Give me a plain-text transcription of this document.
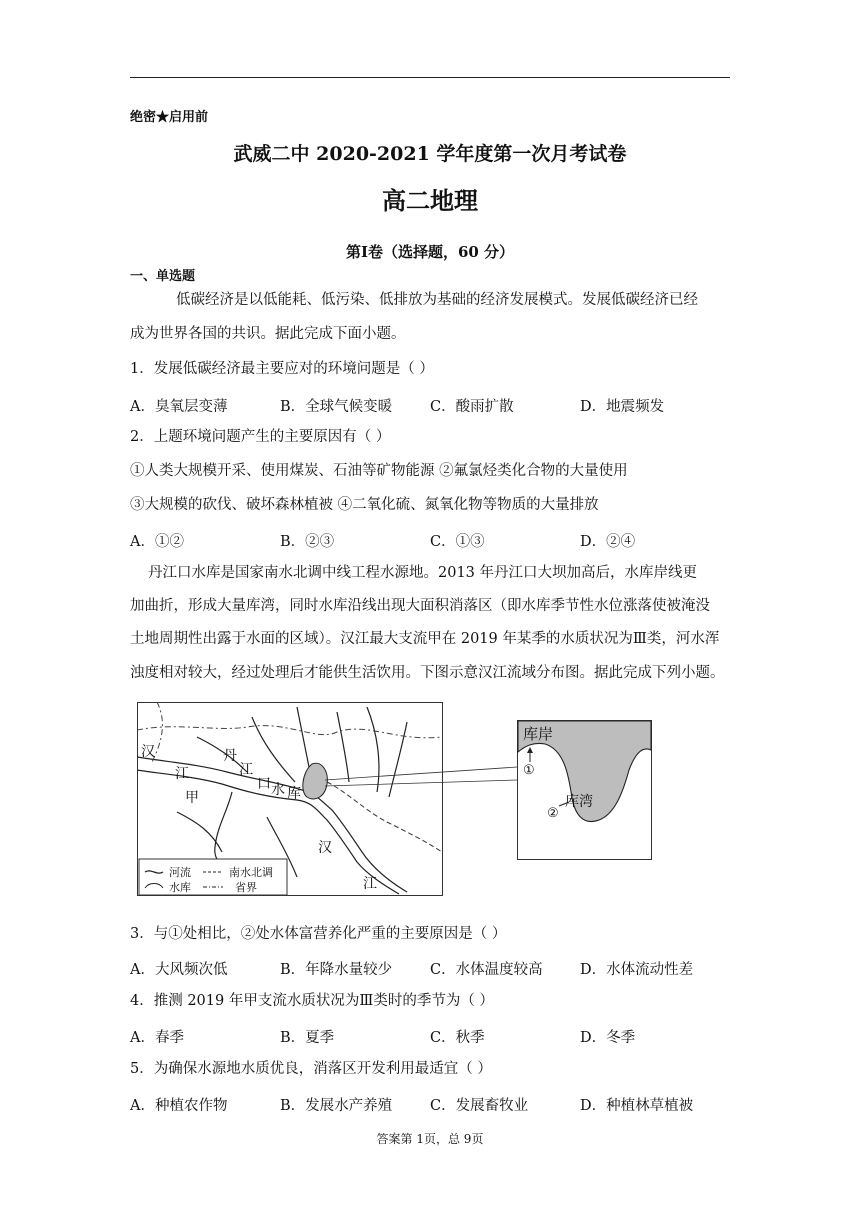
绝密★启用前
武威二中 2020-2021 学年度第一次月考试卷
高二地理
第Ⅰ卷（选择题，60 分）
一、单选题
低碳经济是以低能耗、低污染、低排放为基础的经济发展模式。发展低碳经济已经
成为世界各国的共识。据此完成下面小题。
1．发展低碳经济最主要应对的环境问题是（ ）
A．臭氧层变薄	B．全球气候变暖	C．酸雨扩散	D．地震频发
2．上题环境问题产生的主要原因有（ ）
①人类大规模开采、使用煤炭、石油等矿物能源 ②氟氯烃类化合物的大量使用
③大规模的砍伐、破坏森林植被 ④二氧化硫、氮氧化物等物质的大量排放
A．①②	B．②③	C．①③	D．②④
丹江口水库是国家南水北调中线工程水源地。2013 年丹江口大坝加高后，水库岸线更
加曲折，形成大量库湾，同时水库沿线出现大面积消落区（即水库季节性水位涨落使被淹没
土地周期性出露于水面的区域）。汉江最大支流甲在 2019 年某季的水质状况为Ⅲ类，河水浑
浊度相对较大，经过处理后才能供生活饮用。下图示意汉江流域分布图。据此完成下列小题。
汉
江
丹
江
口 水 库
甲
汉
江
河流
水库
南水北调
省界
库岸
库湾
①
②
3．与①处相比，②处水体富营养化严重的主要原因是（ ）
A．大风频次低	B．年降水量较少	C．水体温度较高	D．水体流动性差
4．推测 2019 年甲支流水质状况为Ⅲ类时的季节为（ ）
A．春季	B．夏季	C．秋季	D．冬季
5．为确保水源地水质优良，消落区开发利用最适宜（ ）
A．种植农作物	B．发展水产养殖	C．发展畜牧业	D．种植林草植被
答案第 1页，总 9页
